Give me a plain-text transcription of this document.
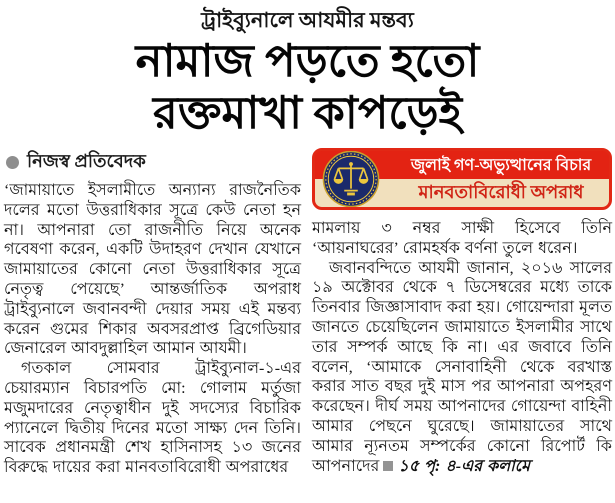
ট্রাইব্যুনালে আযমীর মন্তব্য
নামাজ পড়তে হতো
রক্তমাখা কাপড়েই
নিজস্ব প্রতিবেদক

‘জামায়াতে ইসলামীতে অন্যান্য রাজনৈতিক দলের মতো উত্তরাধিকার সূত্রে কেউ নেতা হন না। আপনারা তো রাজনীতি নিয়ে অনেক গবেষণা করেন, একটি উদাহরণ দেখান যেখানে জামায়াতের কোনো নেতা উত্তরাধিকার সূত্রে নেতৃত্ব পেয়েছে’ আন্তর্জাতিক অপরাধ ট্রাইব্যুনালে জবানবন্দী দেয়ার সময় এই মন্তব্য করেন গুমের শিকার অবসরপ্রাপ্ত ব্রিগেডিয়ার জেনারেল আবদুল্লাহিল আমান আযমী।

গতকাল সোমবার ট্রাইব্যুনাল-১-এর চেয়ারম্যান বিচারপতি মো: গোলাম মর্তুজা মজুমদারের নেতৃত্বাধীন দুই সদস্যের বিচারিক প্যানেলে দ্বিতীয় দিনের মতো সাক্ষ্য দেন তিনি। সাবেক প্রধানমন্ত্রী শেখ হাসিনাসহ ১৩ জনের বিরুদ্ধে দায়ের করা মানবতাবিরোধী অপরাধের

জুলাই গণ-অভ্যুত্থানের বিচার
মানবতাবিরোধী অপরাধ

মামলায় ৩ নম্বর সাক্ষী হিসেবে তিনি ‘আয়নাঘরের’ রোমহর্ষক বর্ণনা তুলে ধরেন।

জবানবন্দিতে আযমী জানান, ২০১৬ সালের ১৯ অক্টোবর থেকে ৭ ডিসেম্বরের মধ্যে তাকে তিনবার জিজ্ঞাসাবাদ করা হয়। গোয়েন্দারা মূলত জানতে চেয়েছিলেন জামায়াতে ইসলামীর সাথে তার সম্পর্ক আছে কি না। এর জবাবে তিনি বলেন, ‘আমাকে সেনাবাহিনী থেকে বরখাস্ত করার সাত বছর দুই মাস পর আপনারা অপহরণ করেছেন। দীর্ঘ সময় আপনাদের গোয়েন্দা বাহিনী আমার পেছনে ঘুরেছে। জামায়াতের সাথে আমার ন্যূনতম সম্পর্কের কোনো রিপোর্ট কি আপনাদের ১৫ পৃ: ৪-এর কলামে
